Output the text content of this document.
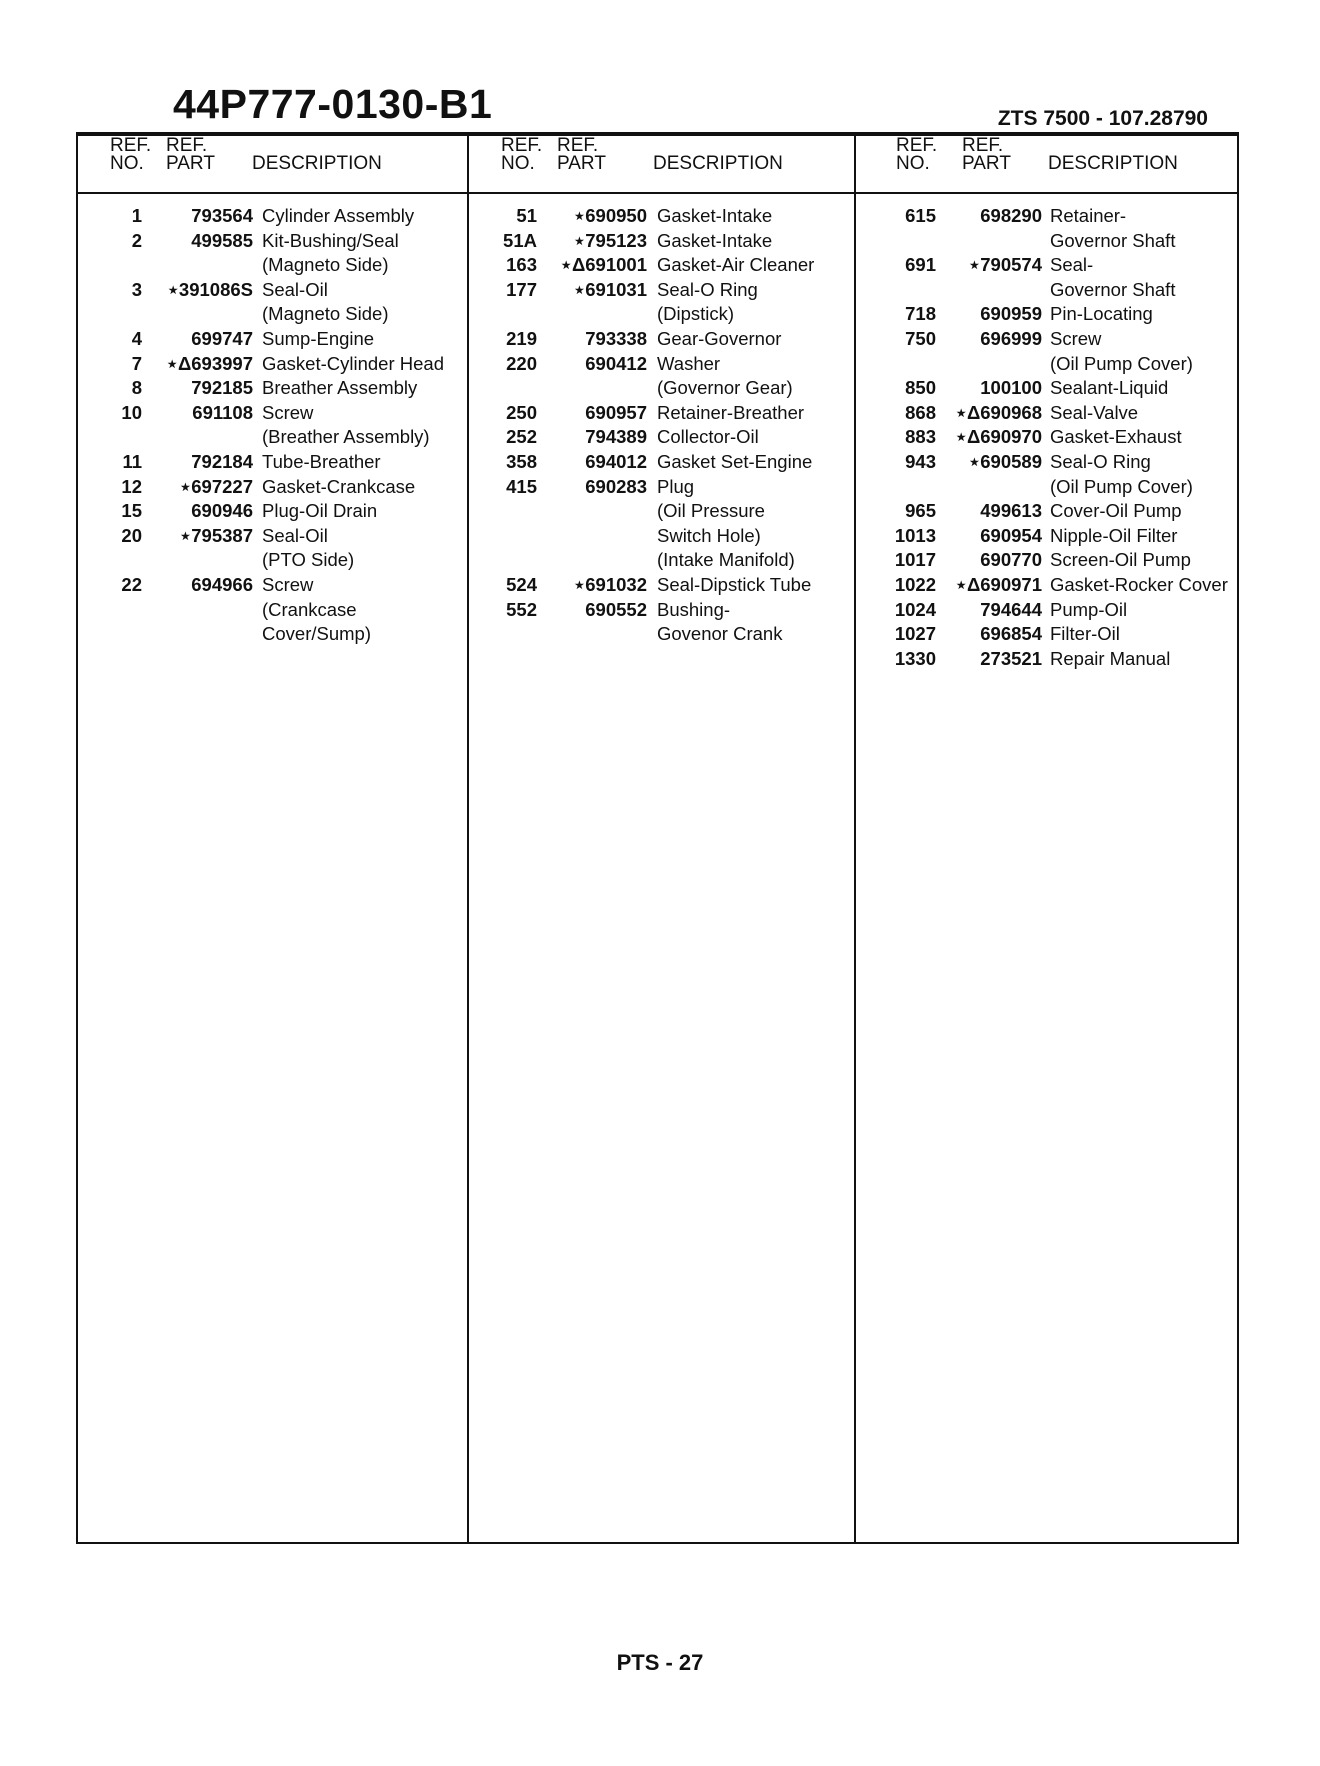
44P777-0130-B1	ZTS 7500 - 107.28790
REF. REF.
NO. PART DESCRIPTION
1	793564 Cylinder Assembly
2	499585 Kit-Bushing/Seal
(Magneto Side)
3 ⋆391086S Seal-Oil
(Magneto Side)
4	699747 Sump-Engine
7 ⋆Δ693997 Gasket-Cylinder Head
8	792185 Breather Assembly
10	691108 Screw
(Breather Assembly)
11	792184 Tube-Breather
12 ⋆697227 Gasket-Crankcase
15	690946 Plug-Oil Drain
20 ⋆795387 Seal-Oil
(PTO Side)
22	694966 Screw
(Crankcase
Cover/Sump)
REF. REF.
NO. PART DESCRIPTION
51 ⋆690950 Gasket-Intake
51A ⋆795123 Gasket-Intake
163 ⋆Δ691001 Gasket-Air Cleaner
177 ⋆691031 Seal-O Ring
(Dipstick)
219	793338 Gear-Governor
220	690412 Washer
(Governor Gear)
250	690957 Retainer-Breather
252	794389 Collector-Oil
358	694012 Gasket Set-Engine
415	690283 Plug
(Oil Pressure
Switch Hole)
(Intake Manifold)
524 ⋆691032 Seal-Dipstick Tube
552	690552 Bushing-
Govenor Crank
REF. REF.
NO. PART DESCRIPTION
615 698290 Retainer-
Governor Shaft
691 ⋆790574 Seal-
Governor Shaft
718 690959 Pin-Locating
750 696999 Screw
(Oil Pump Cover)
850 100100 Sealant-Liquid
868 ⋆Δ690968 Seal-Valve
883 ⋆Δ690970 Gasket-Exhaust
943 ⋆690589 Seal-O Ring
(Oil Pump Cover)
965 499613 Cover-Oil Pump
1013 690954 Nipple-Oil Filter
1017 690770 Screen-Oil Pump
1022 ⋆Δ690971 Gasket-Rocker Cover
1024 794644 Pump-Oil
1027 696854 Filter-Oil
1330 273521 Repair Manual
PTS - 27
